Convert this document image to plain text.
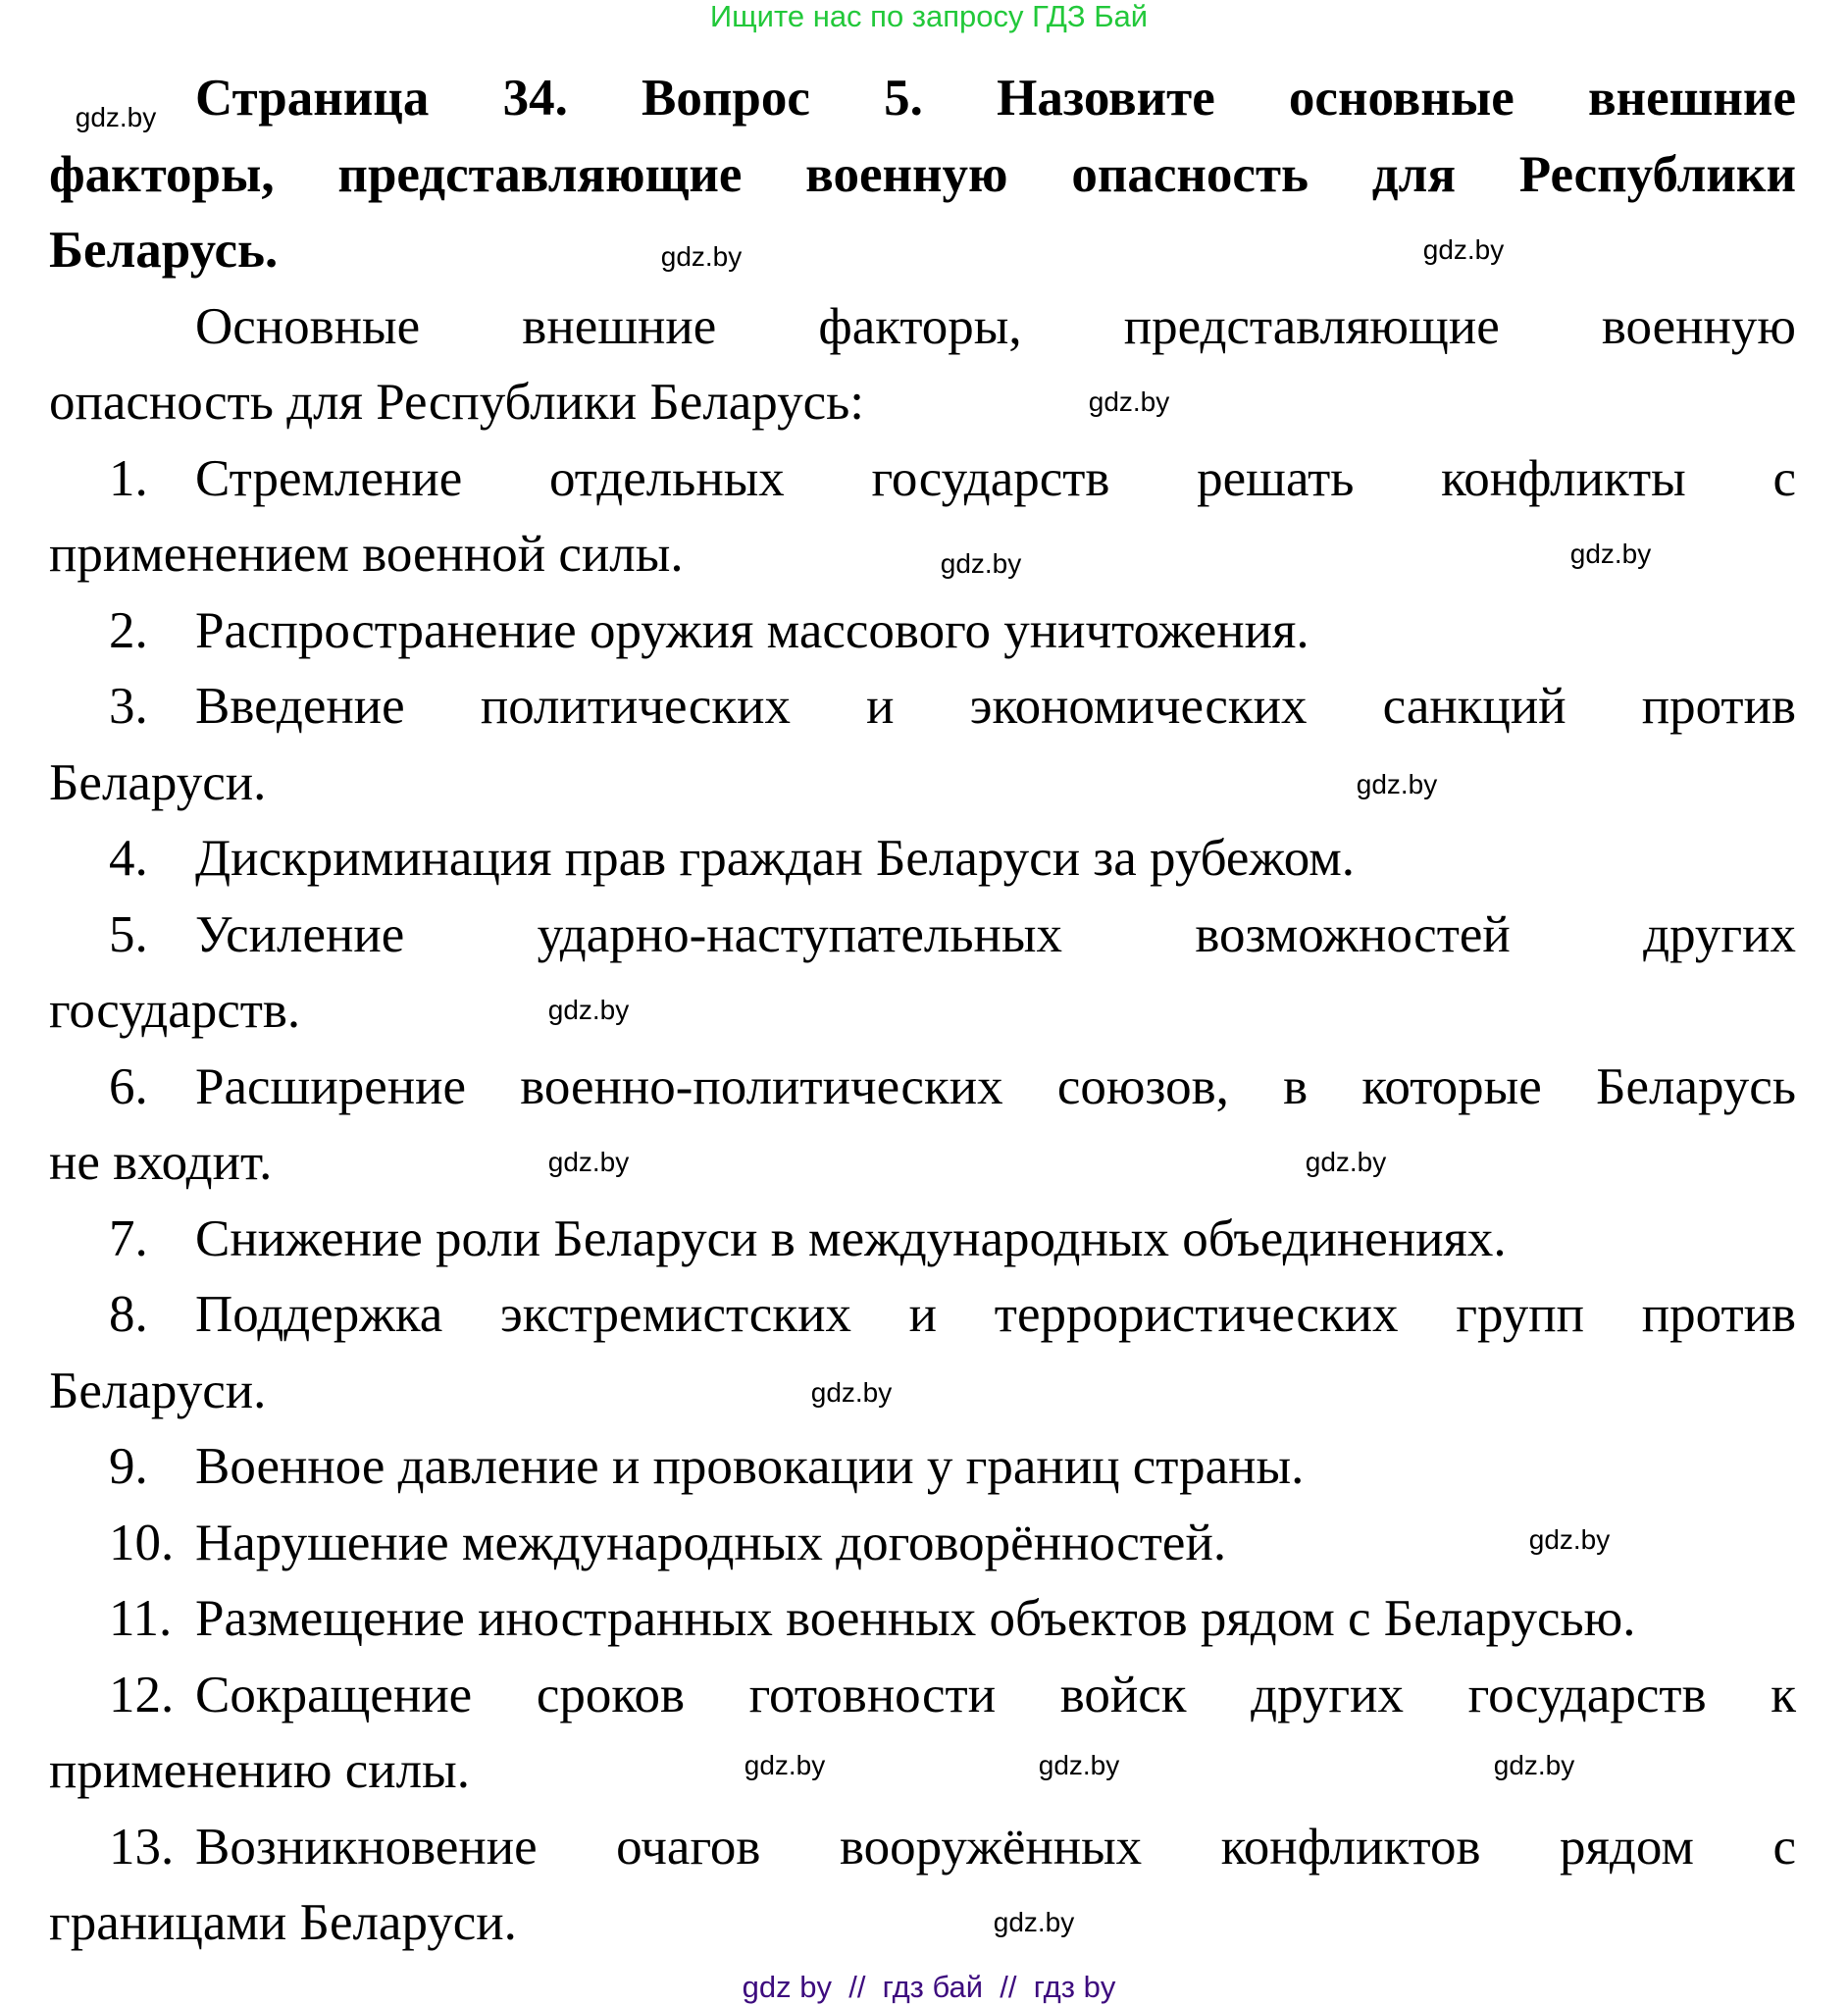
Ищите нас по запросу ГДЗ Бай
Страница 34. Вопрос 5. Назовите основные внешние
факторы, представляющие военную опасность для Республики
Беларусь.
Основные внешние факторы, представляющие военную
опасность для Республики Беларусь:
1. Стремление отдельных государств решать конфликты с
применением военной силы.
2. Распространение оружия массового уничтожения.
3. Введение политических и экономических санкций против
Беларуси.
4. Дискриминация прав граждан Беларуси за рубежом.
5. Усиление ударно-наступательных возможностей других
государств.
6. Расширение военно-политических союзов, в которые Беларусь
не входит.
7. Снижение роли Беларуси в международных объединениях.
8. Поддержка экстремистских и террористических групп против
Беларуси.
9. Военное давление и провокации у границ страны.
10. Нарушение международных договорённостей.
11. Размещение иностранных военных объектов рядом с Беларусью.
12. Сокращение сроков готовности войск других государств к
применению силы.
13. Возникновение очагов вооружённых конфликтов рядом с
границами Беларуси.
gdz.by
gdz.by
gdz.by
gdz.by
gdz.by
gdz.by
gdz.by
gdz.by
gdz.by	gdz.by
gdz.by
gdz.by
gdz.by	gdz.by	gdz.by
gdz.by
gdz by  //  гдз бай  //  гдз by
